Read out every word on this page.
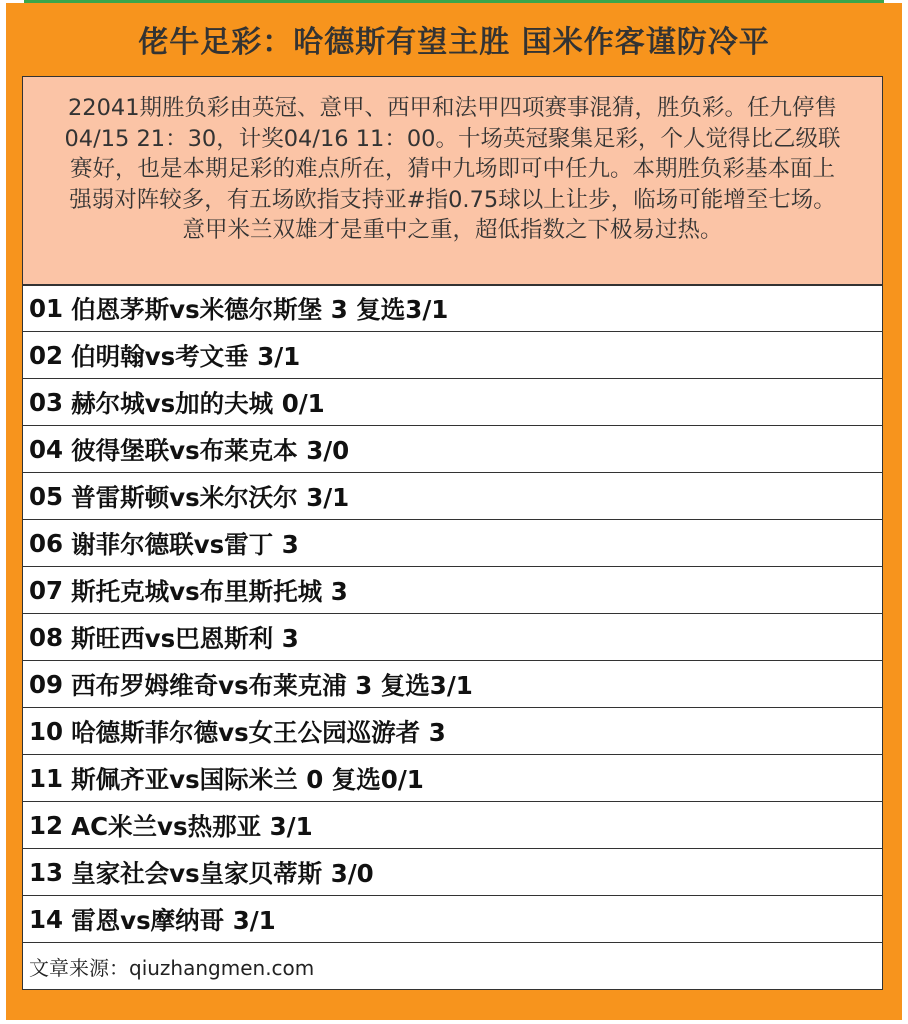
佬牛足彩：哈德斯有望主胜 国米作客谨防冷平
22041期胜负彩由英冠、意甲、西甲和法甲四项赛事混猜，胜负彩。任九停售
04/15 21：30，计奖04/16 11：00。十场英冠聚集足彩，个人觉得比乙级联
赛好，也是本期足彩的难点所在，猜中九场即可中任九。本期胜负彩基本面上
强弱对阵较多，有五场欧指支持亚#指0.75球以上让步，临场可能增至七场。
意甲米兰双雄才是重中之重，超低指数之下极易过热。
01 伯恩茅斯vs米德尔斯堡 3 复选3/1
02 伯明翰vs考文垂 3/1
03 赫尔城vs加的夫城 0/1
04 彼得堡联vs布莱克本 3/0
05 普雷斯顿vs米尔沃尔 3/1
06 谢菲尔德联vs雷丁 3
07 斯托克城vs布里斯托城 3
08 斯旺西vs巴恩斯利 3
09 西布罗姆维奇vs布莱克浦 3 复选3/1
10 哈德斯菲尔德vs女王公园巡游者 3
11 斯佩齐亚vs国际米兰 0 复选0/1
12 AC米兰vs热那亚 3/1
13 皇家社会vs皇家贝蒂斯 3/0
14 雷恩vs摩纳哥 3/1
文章来源：qiuzhangmen.com
